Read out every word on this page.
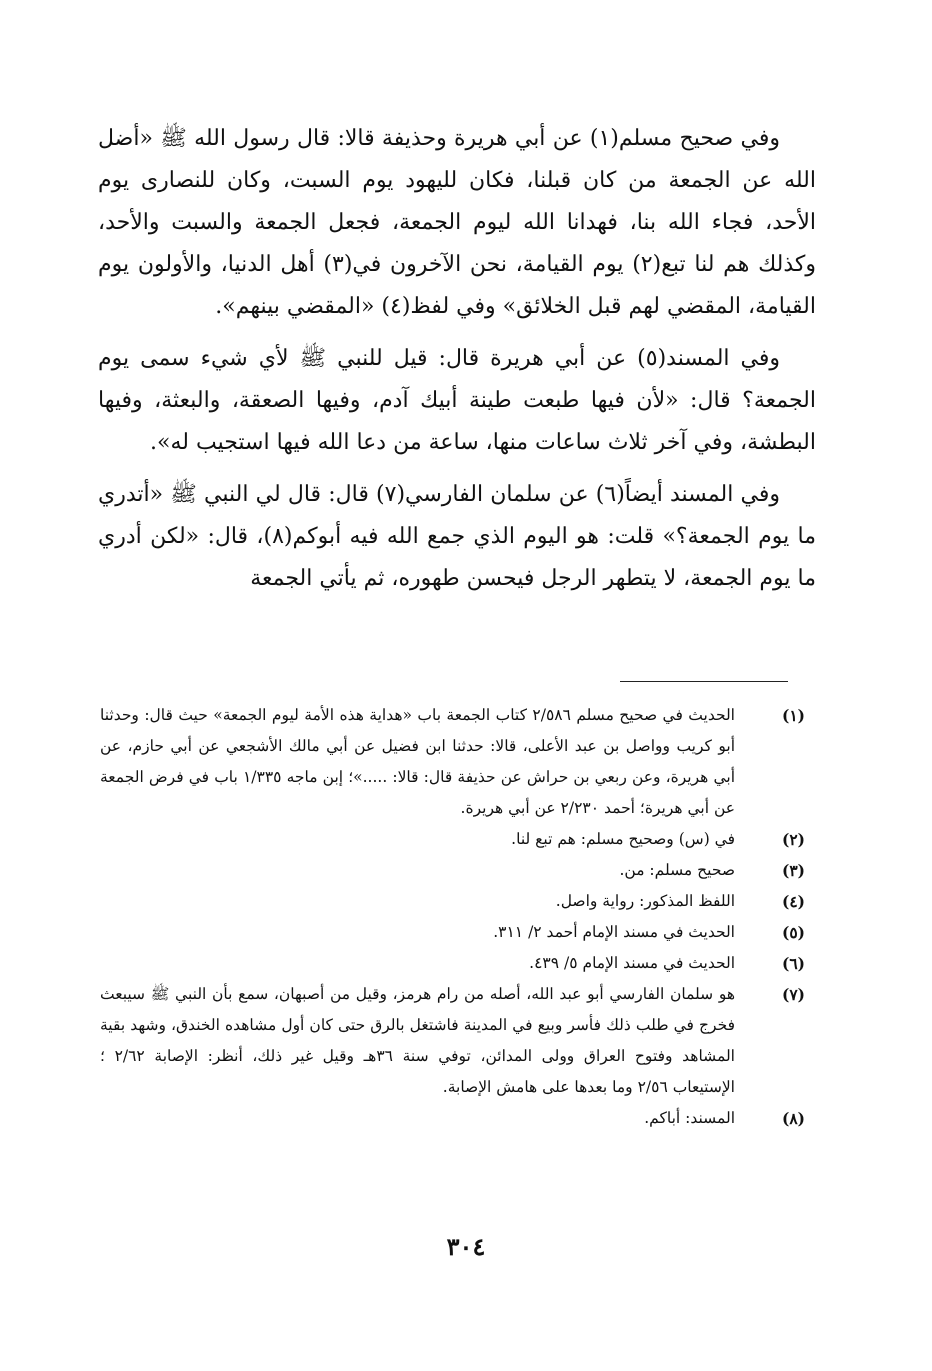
وفي صحيح مسلم(١) عن أبي هريرة وحذيفة قالا: قال رسول الله ﷺ «أضل الله عن الجمعة من كان قبلنا، فكان لليهود يوم السبت، وكان للنصارى يوم الأحد، فجاء الله بنا، فهدانا الله ليوم الجمعة، فجعل الجمعة والسبت والأحد، وكذلك هم لنا تبع(٢) يوم القيامة، نحن الآخرون في(٣) أهل الدنيا، والأولون يوم القيامة، المقضي لهم قبل الخلائق» وفي لفظ(٤) «المقضي بينهم».

وفي المسند(٥) عن أبي هريرة قال: قيل للنبي ﷺ لأي شيء سمى يوم الجمعة؟ قال: «لأن فيها طبعت طينة أبيك آدم، وفيها الصعقة، والبعثة، وفيها البطشة، وفي آخر ثلاث ساعات منها، ساعة من دعا الله فيها استجيب له».

وفي المسند أيضاً(٦) عن سلمان الفارسي(٧) قال: قال لي النبي ﷺ «أتدري ما يوم الجمعة؟» قلت: هو اليوم الذي جمع الله فيه أبوكم(٨)، قال: «لكن أدري ما يوم الجمعة، لا يتطهر الرجل فيحسن طهوره، ثم يأتي الجمعة

(١)
الحديث في صحيح مسلم ٢/٥٨٦ كتاب الجمعة باب «هداية هذه الأمة ليوم الجمعة» حيث قال: وحدثنا أبو كريب وواصل بن عبد الأعلى، قالا: حدثنا ابن فضيل عن أبي مالك الأشجعي عن أبي حازم، عن أبي هريرة، وعن ربعي بن حراش عن حذيفة قال: قالا: .....»؛ إبن ماجه ١/٣٣٥ باب في فرض الجمعة عن أبي هريرة؛ أحمد ٢/٢٣٠ عن أبي هريرة.
(٢)
في (س) وصحيح مسلم: هم تبع لنا.
(٣)
صحيح مسلم: من.
(٤)
اللفظ المذكور: رواية واصل.
(٥)
الحديث في مسند الإمام أحمد ٢/ ٣١١.
(٦)
الحديث في مسند الإمام ٥/ ٤٣٩.
(٧)
هو سلمان الفارسي أبو عبد الله، أصله من رام هرمز، وقيل من أصبهان، سمع بأن النبي ﷺ سيبعث فخرج في طلب ذلك فأسر وبيع في المدينة فاشتغل بالرق حتى كان أول مشاهده الخندق، وشهد بقية المشاهد وفتوح العراق وولى المدائن، توفي سنة ٣٦هـ وقيل غير ذلك، أنظر: الإصابة ٢/٦٢ ؛ الإستيعاب ٢/٥٦ وما بعدها على هامش الإصابة.
(٨)
المسند: أباكم.
٣٠٤
